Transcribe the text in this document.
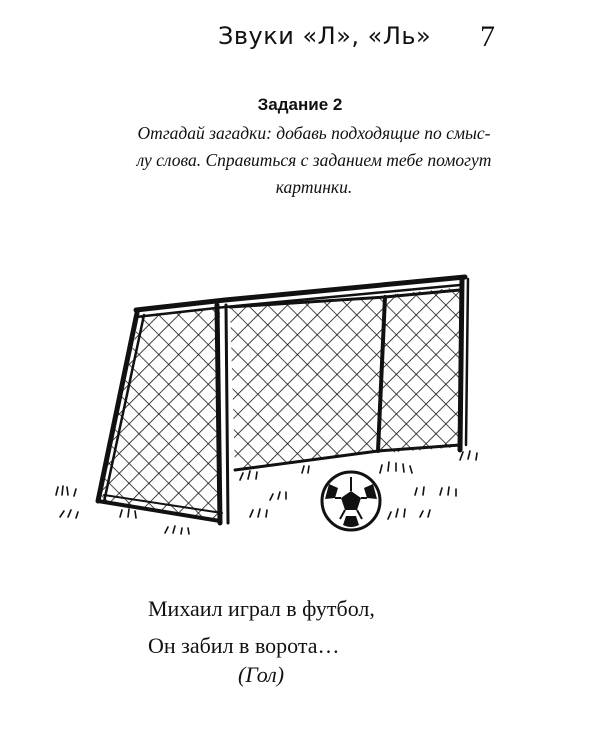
Звуки «Л», «Ль» 7
Задание 2
Отгадай загадки: добавь подходящие по смыс-
лу слова. Справиться с заданием тебе помогут
картинки.
Михаил играл в футбол,
Он забил в ворота…
(Гол)
